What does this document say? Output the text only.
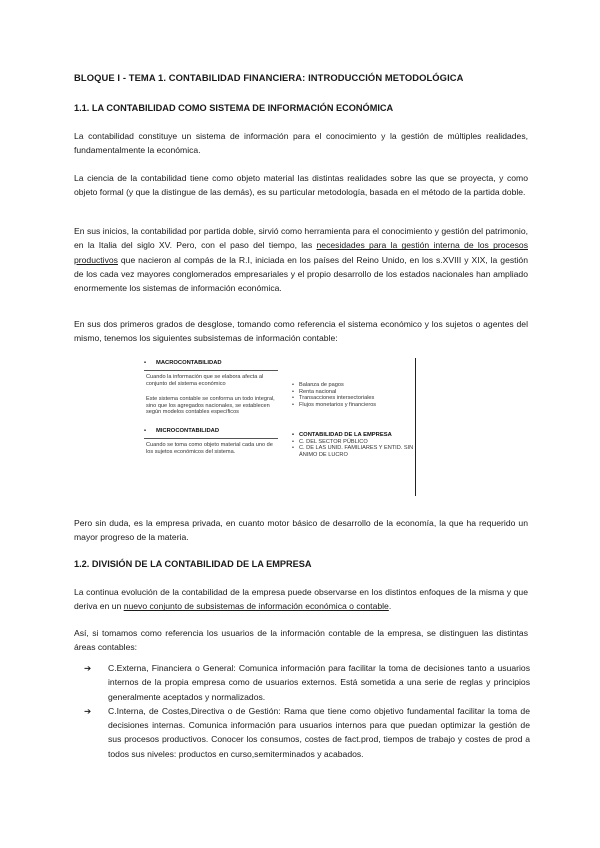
BLOQUE I - TEMA 1. CONTABILIDAD FINANCIERA: INTRODUCCIÓN METODOLÓGICA
1.1. LA CONTABILIDAD COMO SISTEMA DE INFORMACIÓN ECONÓMICA
La contabilidad constituye un sistema de información para el conocimiento y la gestión de múltiples realidades, fundamentalmente la económica.
La ciencia de la contabilidad tiene como objeto material las distintas realidades sobre las que se proyecta, y como objeto formal (y que la distingue de las demás), es su particular metodología, basada en el método de la partida doble.
En sus inicios, la contabilidad por partida doble, sirvió como herramienta para el conocimiento y gestión del patrimonio, en la Italia del siglo XV. Pero, con el paso del tiempo, las necesidades para la gestión interna de los procesos productivos que nacieron al compás de la R.I, iniciada en los países del Reino Unido, en los s.XVIII y XIX, la gestión de los cada vez mayores conglomerados empresariales y el propio desarrollo de los estados nacionales han ampliado enormemente los sistemas de información económica.
En sus dos primeros grados de desglose, tomando como referencia el sistema económico y los sujetos o agentes del mismo, tenemos los siguientes subsistemas de información contable:
• MACROCONTABILIDAD
Cuando la información que se elabora afecta al conjunto del sistema económico
Este sistema contable se conforma un todo integral, sino que los agregados nacionales, se establecen según modelos contables específicos
• Balanza de pagos
• Renta nacional
• Transacciones intersectoriales
• Flujos monetarios y financieros
• MICROCONTABILIDAD
Cuando se toma como objeto material cada uno de los sujetos económicos del sistema.
• CONTABILIDAD DE LA EMPRESA
• C. DEL SECTOR PÚBLICO
• C. DE LAS UNID. FAMILIARES Y ENTID. SIN ÁNIMO DE LUCRO
Pero sin duda, es la empresa privada, en cuanto motor básico de desarrollo de la economía, la que ha requerido un mayor progreso de la materia.
1.2. DIVISIÓN DE LA CONTABILIDAD DE LA EMPRESA
La continua evolución de la contabilidad de la empresa puede observarse en los distintos enfoques de la misma y que deriva en un nuevo conjunto de subsistemas de información económica o contable.
Así, si tomamos como referencia los usuarios de la información contable de la empresa, se distinguen las distintas áreas contables:
➔ C.Externa, Financiera o General: Comunica información para facilitar la toma de decisiones tanto a usuarios internos de la propia empresa como de usuarios externos. Está sometida a una serie de reglas y principios generalmente aceptados y normalizados.
➔ C.Interna, de Costes,Directiva o de Gestión: Rama que tiene como objetivo fundamental facilitar la toma de decisiones internas. Comunica información para usuarios internos para que puedan optimizar la gestión de sus procesos productivos. Conocer los consumos, costes de fact.prod, tiempos de trabajo y costes de prod a todos sus niveles: productos en curso,semiterminados y acabados.
